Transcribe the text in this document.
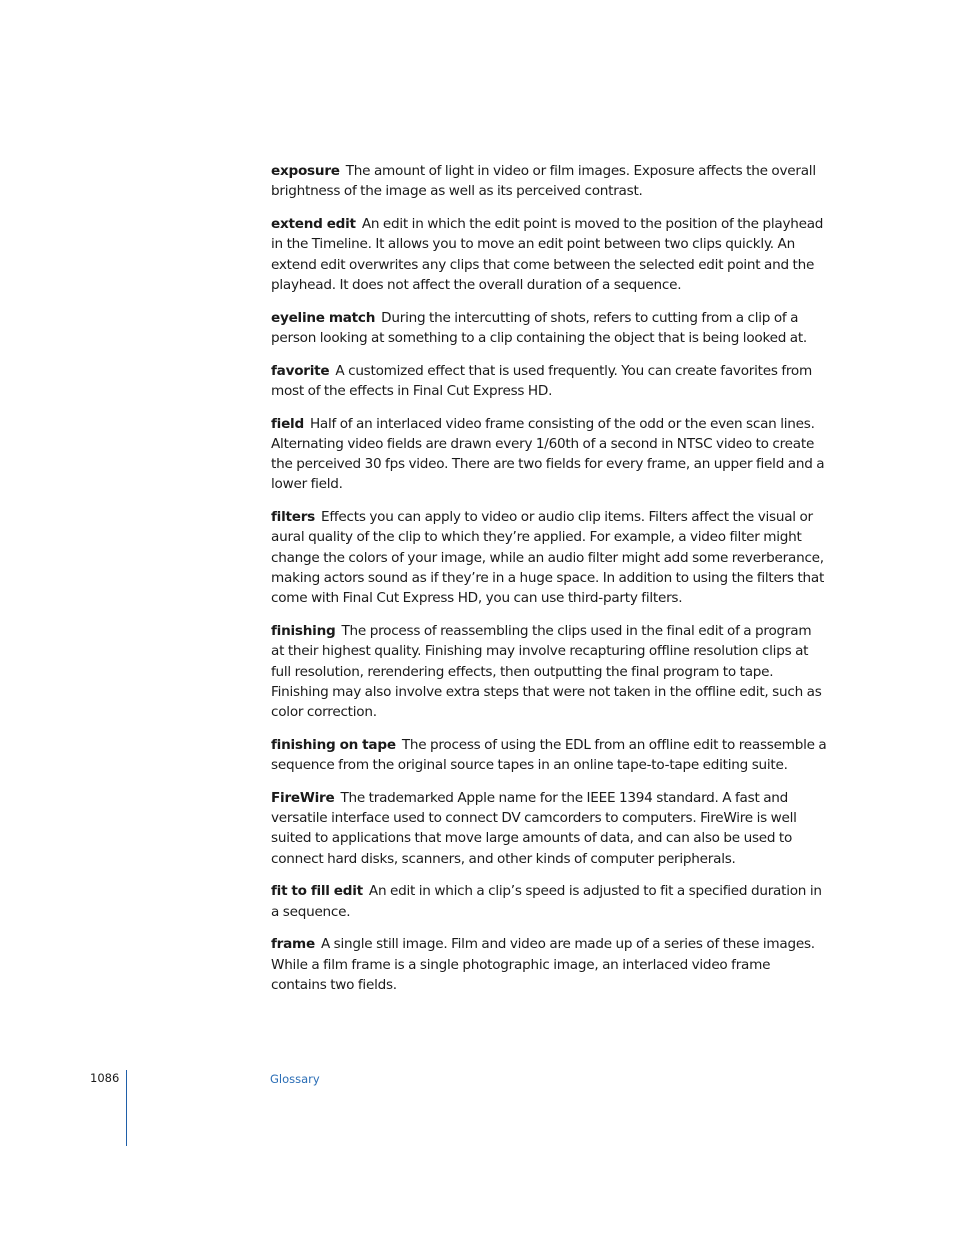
exposure The amount of light in video or film images. Exposure affects the overall brightness of the image as well as its perceived contrast.

extend edit An edit in which the edit point is moved to the position of the playhead in the Timeline. It allows you to move an edit point between two clips quickly. An extend edit overwrites any clips that come between the selected edit point and the playhead. It does not affect the overall duration of a sequence.

eyeline match During the intercutting of shots, refers to cutting from a clip of a person looking at something to a clip containing the object that is being looked at.

favorite A customized effect that is used frequently. You can create favorites from most of the effects in Final Cut Express HD.

field Half of an interlaced video frame consisting of the odd or the even scan lines. Alternating video fields are drawn every 1/60th of a second in NTSC video to create the perceived 30 fps video. There are two fields for every frame, an upper field and a lower field.

filters Effects you can apply to video or audio clip items. Filters affect the visual or aural quality of the clip to which they’re applied. For example, a video filter might change the colors of your image, while an audio filter might add some reverberance, making actors sound as if they’re in a huge space. In addition to using the filters that come with Final Cut Express HD, you can use third-party filters.

finishing The process of reassembling the clips used in the final edit of a program at their highest quality. Finishing may involve recapturing offline resolution clips at full resolution, rerendering effects, then outputting the final program to tape. Finishing may also involve extra steps that were not taken in the offline edit, such as color correction.

finishing on tape The process of using the EDL from an offline edit to reassemble a sequence from the original source tapes in an online tape-to-tape editing suite.

FireWire The trademarked Apple name for the IEEE 1394 standard. A fast and versatile interface used to connect DV camcorders to computers. FireWire is well suited to applications that move large amounts of data, and can also be used to connect hard disks, scanners, and other kinds of computer peripherals.

fit to fill edit An edit in which a clip’s speed is adjusted to fit a specified duration in a sequence.

frame A single still image. Film and video are made up of a series of these images. While a film frame is a single photographic image, an interlaced video frame contains two fields.

1086	Glossary
